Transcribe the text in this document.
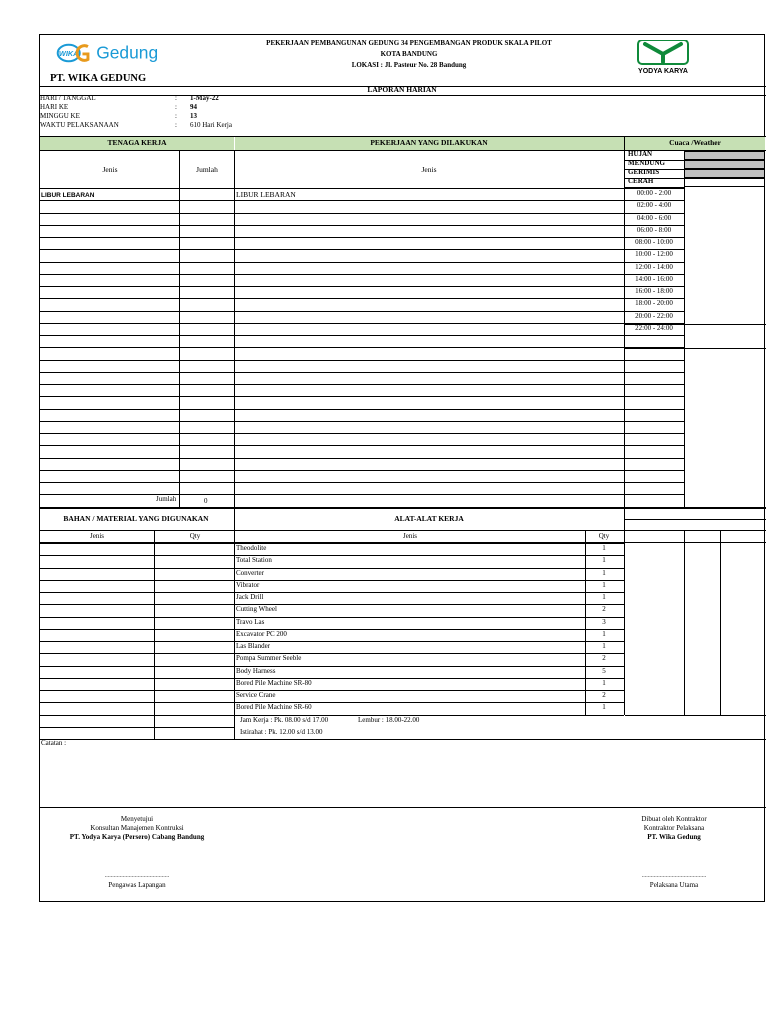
WIKA Gedung
PT. WIKA GEDUNG
PEKERJAAN PEMBANGUNAN GEDUNG 34 PENGEMBANGAN PRODUK SKALA PILOT
KOTA BANDUNG
LOKASI : Jl. Pasteur No. 28 Bandung
YODYA KARYA
LAPORAN HARIAN
HARI / TANGGAL	: 1-May-22
HARI KE	: 94
MINGGU KE	: 13
WAKTU PELAKSANAAN	: 610 Hari Kerja
TENAGA KERJA	PEKERJAAN YANG DILAKUKAN	Cuaca /Weather
Jenis	Jumlah	Jenis
LIBUR LEBARAN	LIBUR LEBARAN
HUJAN
MENDUNG
GERIMIS
CERAH
00:00 - 2:00
02:00 - 4:00
04:00 - 6:00
06:00 - 8:00
08:00 - 10:00
10:00 - 12:00
12:00 - 14:00
14:00 - 16:00
16:00 - 18:00
18:00 - 20:00
20:00 - 22:00
22:00 - 24:00
Jumlah	0
BAHAN / MATERIAL YANG DIGUNAKAN	ALAT-ALAT KERJA
Jenis	Qty	Jenis	Qty
Theodolite	1
Total Station	1
Converter	1
Vibrator	1
Jack Drill	1
Cutting Wheel	2
Travo Las	3
Excavator PC 200	1
Las Blander	1
Pompa Summer Seeble	2
Body Harness	5
Bored Pile Machine SR-80	1
Service Crane	2
Bored Pile Machine SR-60	1
Jam Kerja : Pk. 08.00 s/d 17.00	Lembur : 18.00-22.00
Istirahat : Pk. 12.00 s/d 13.00
Catatan :
Menyetujui
Konsultan Manajemen Kontruksi
PT. Yodya Karya (Persero) Cabang Bandung
...........................................
Pengawas Lapangan
Dibuat oleh Kontraktor
Kontraktor Pelaksana
PT. Wika Gedung
...........................................
Pelaksana Utama
